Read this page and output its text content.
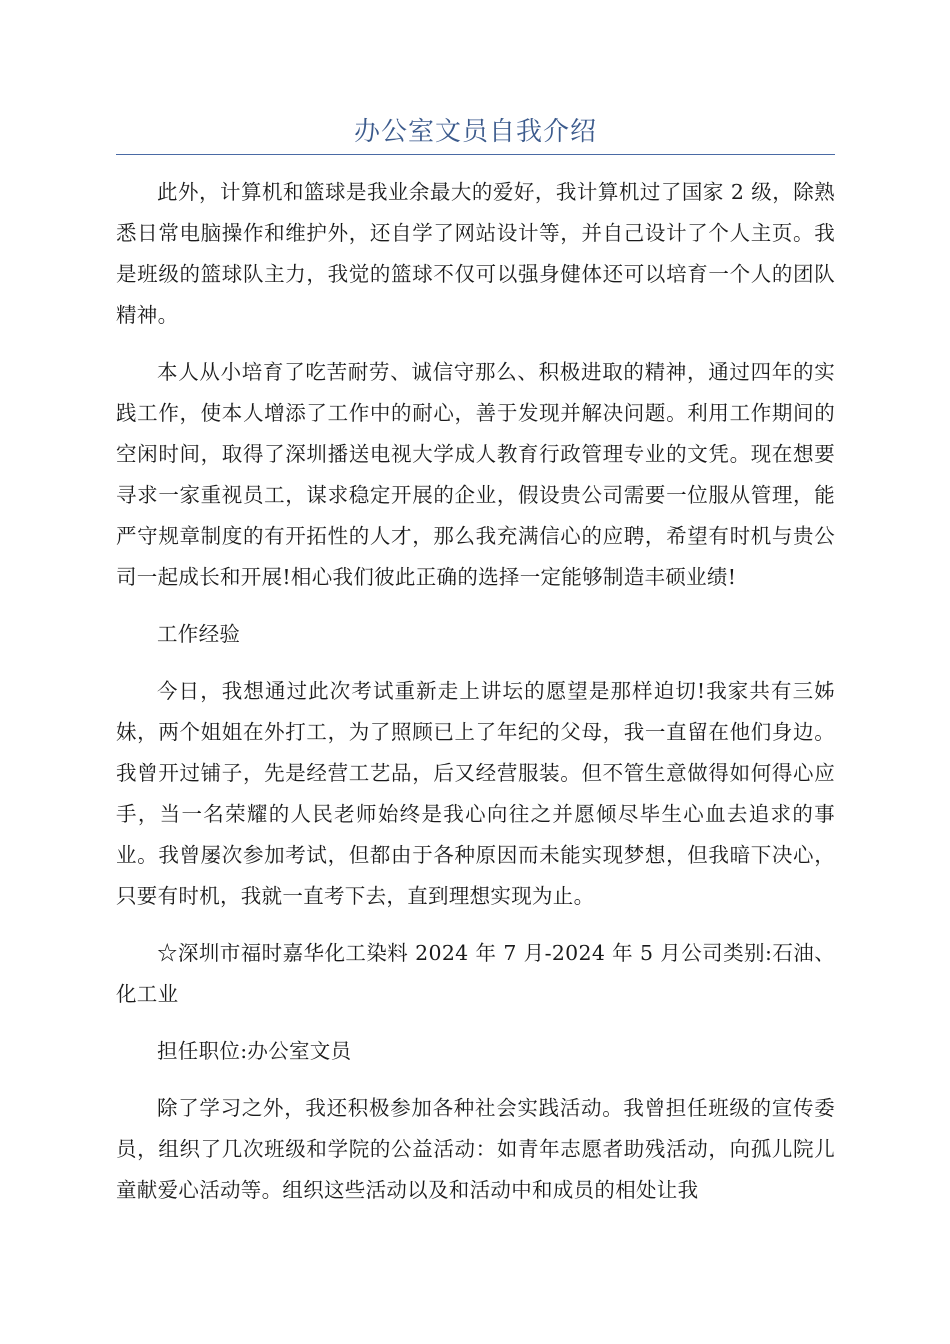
办公室文员自我介绍

此外，计算机和篮球是我业余最大的爱好，我计算机过了国家 2 级，除熟悉日常电脑操作和维护外，还自学了网站设计等，并自己设计了个人主页。我是班级的篮球队主力，我觉的篮球不仅可以强身健体还可以培育一个人的团队精神。

本人从小培育了吃苦耐劳、诚信守那么、积极进取的精神，通过四年的实践工作，使本人增添了工作中的耐心，善于发现并解决问题。利用工作期间的空闲时间，取得了深圳播送电视大学成人教育行政管理专业的文凭。现在想要寻求一家重视员工，谋求稳定开展的企业，假设贵公司需要一位服从管理，能严守规章制度的有开拓性的人才，那么我充满信心的应聘，希望有时机与贵公司一起成长和开展!相心我们彼此正确的选择一定能够制造丰硕业绩!

工作经验

今日，我想通过此次考试重新走上讲坛的愿望是那样迫切!我家共有三姊妹，两个姐姐在外打工，为了照顾已上了年纪的父母，我一直留在他们身边。我曾开过铺子，先是经营工艺品，后又经营服装。但不管生意做得如何得心应手，当一名荣耀的人民老师始终是我心向往之并愿倾尽毕生心血去追求的事业。我曾屡次参加考试，但都由于各种原因而未能实现梦想，但我暗下决心，只要有时机，我就一直考下去，直到理想实现为止。

☆深圳市福时嘉华化工染料 2024 年 7 月-2024 年 5 月公司类别:石油、化工业

担任职位:办公室文员

除了学习之外，我还积极参加各种社会实践活动。我曾担任班级的宣传委员，组织了几次班级和学院的公益活动：如青年志愿者助残活动，向孤儿院儿童献爱心活动等。组织这些活动以及和活动中和成员的相处让我
